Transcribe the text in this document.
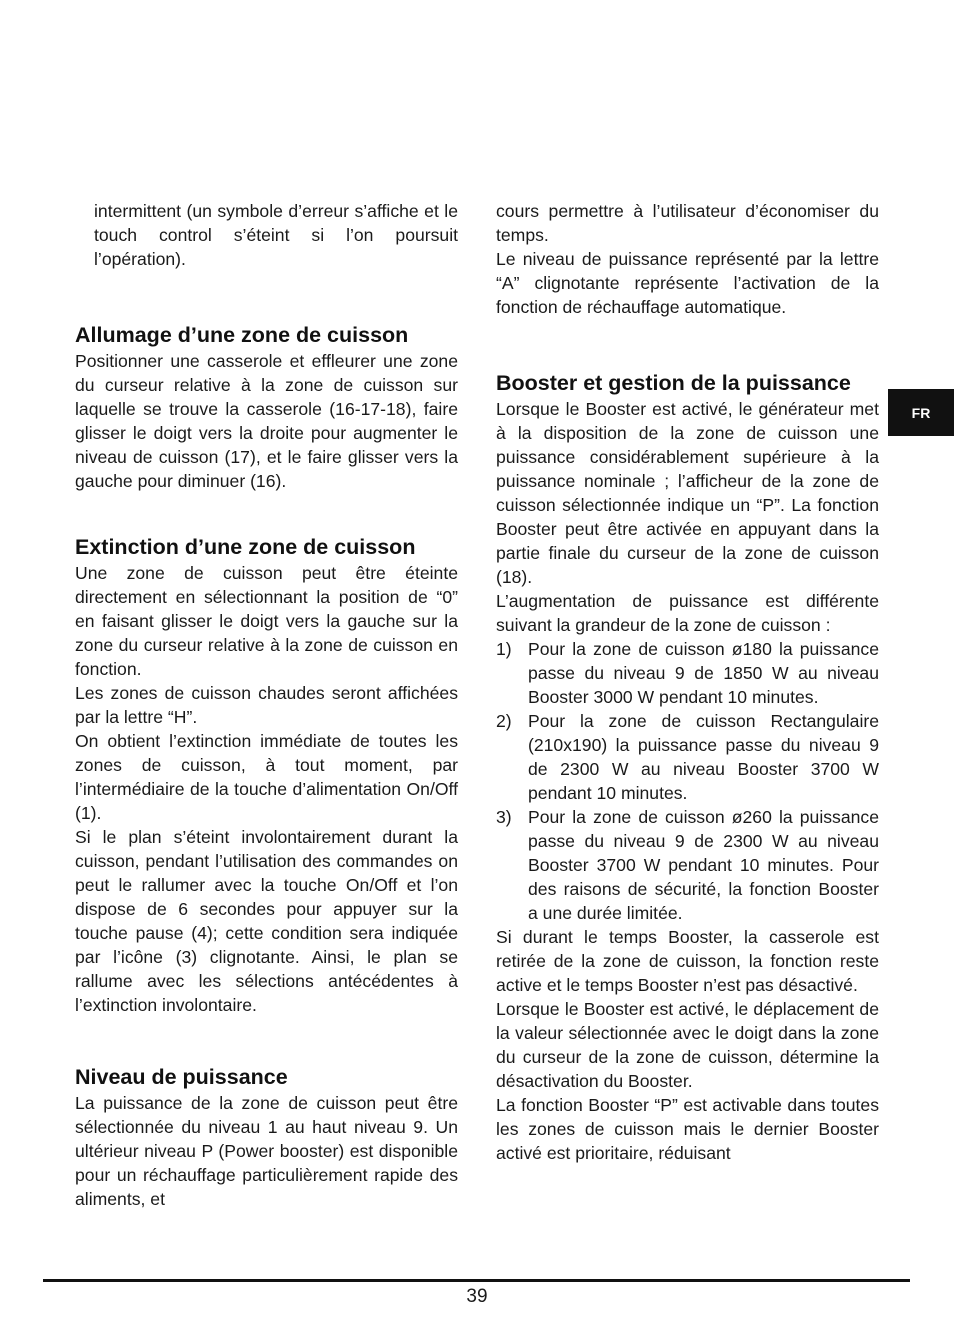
intermittent (un symbole d’erreur s’affiche et le touch control s’éteint si l’on poursuit l’opération).

Allumage d’une zone de cuisson

Positionner une casserole et effleurer une zone du curseur relative à la zone de cuisson sur laquelle se trouve la casserole (16-17-18), faire glisser le doigt vers la droite pour augmenter le niveau de cuisson (17), et le faire glisser vers la gauche pour diminuer (16).

Extinction d’une zone de cuisson

Une zone de cuisson peut être éteinte directement en sélectionnant la position de “0” en faisant glisser le doigt vers la gauche sur la zone du curseur relative à la zone de cuisson en fonction.

Les zones de cuisson chaudes seront affichées par la lettre “H”.

On obtient l’extinction immédiate de toutes les zones de cuisson, à tout moment, par l’intermédiaire de la touche d’alimentation On/Off (1).

Si le plan s’éteint involontairement durant la cuisson, pendant l’utilisation des commandes on peut le rallumer avec la touche On/Off et l’on dispose de 6 secondes pour appuyer sur la touche pause (4); cette condition sera indiquée par l’icône (3) clignotante. Ainsi, le plan se rallume avec les sélections antécédentes à l’extinction involontaire.

Niveau de puissance

La puissance de la zone de cuisson peut être sélectionnée du niveau 1 au haut niveau 9. Un ultérieur niveau P (Power booster) est disponible pour un réchauffage particulièrement rapide des aliments, et

cours permettre à l’utilisateur d’économiser du temps.

Le niveau de puissance représenté par la lettre “A” clignotante représente l’activation de la fonction de réchauffage automatique.

Booster et gestion de la puissance

Lorsque le Booster est activé, le générateur met à la disposition de la zone de cuisson une puissance considérablement supérieure à la puissance nominale ; l’afficheur de la zone de cuisson sélectionnée indique un “P”. La fonction Booster peut être activée en appuyant dans la partie finale du curseur de la zone de cuisson (18).

L’augmentation de puissance est différente suivant la grandeur de la zone de cuisson :

1) Pour la zone de cuisson ø180 la puissance passe du niveau 9 de 1850 W au niveau Booster 3000 W pendant 10 minutes.
2) Pour la zone de cuisson Rectangulaire (210x190) la puissance passe du niveau 9 de 2300 W au niveau Booster 3700 W pendant 10 minutes.
3) Pour la zone de cuisson ø260 la puissance passe du niveau 9 de 2300 W au niveau Booster 3700 W pendant 10 minutes. Pour des raisons de sécurité, la fonction Booster a une durée limitée.

Si durant le temps Booster, la casserole est retirée de la zone de cuisson, la fonction reste active et le temps Booster n’est pas désactivé.

Lorsque le Booster est activé, le déplacement de la valeur sélectionnée avec le doigt dans la zone du curseur de la zone de cuisson, détermine la désactivation du Booster.

La fonction Booster “P” est activable dans toutes les zones de cuisson mais le dernier Booster activé est prioritaire, réduisant

FR
39
